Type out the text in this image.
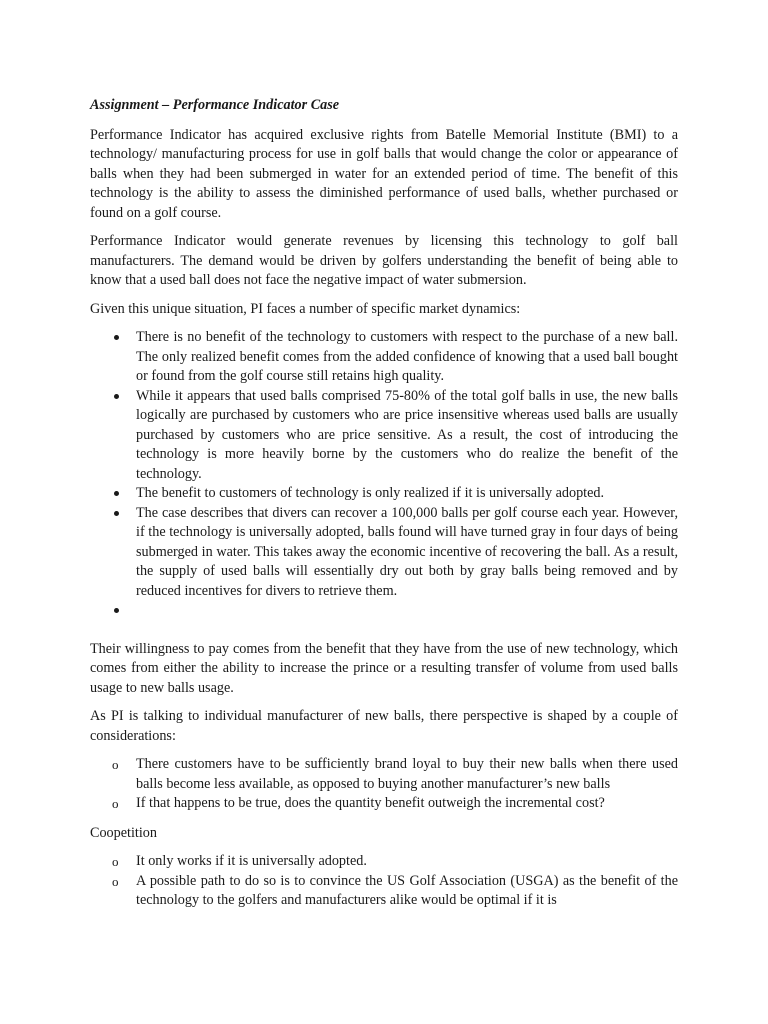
Assignment – Performance Indicator Case

Performance Indicator has acquired exclusive rights from Batelle Memorial Institute (BMI) to a technology/ manufacturing process for use in golf balls that would change the color or appearance of balls when they had been submerged in water for an extended period of time. The benefit of this technology is the ability to assess the diminished performance of used balls, whether purchased or found on a golf course.

Performance Indicator would generate revenues by licensing this technology to golf ball manufacturers. The demand would be driven by golfers understanding the benefit of being able to know that a used ball does not face the negative impact of water submersion.

Given this unique situation, PI faces a number of specific market dynamics:

There is no benefit of the technology to customers with respect to the purchase of a new ball. The only realized benefit comes from the added confidence of knowing that a used ball bought or found from the golf course still retains high quality.
While it appears that used balls comprised 75-80% of the total golf balls in use, the new balls logically are purchased by customers who are price insensitive whereas used balls are usually purchased by customers who are price sensitive. As a result, the cost of introducing the technology is more heavily borne by the customers who do realize the benefit of the technology.
The benefit to customers of technology is only realized if it is universally adopted.
The case describes that divers can recover a 100,000 balls per golf course each year. However, if the technology is universally adopted, balls found will have turned gray in four days of being submerged in water. This takes away the economic incentive of recovering the ball. As a result, the supply of used balls will essentially dry out both by gray balls being removed and by reduced incentives for divers to retrieve them.

Their willingness to pay comes from the benefit that they have from the use of new technology, which comes from either the ability to increase the prince or a resulting transfer of volume from used balls usage to new balls usage.

As PI is talking to individual manufacturer of new balls, there perspective is shaped by a couple of considerations:

o	There customers have to be sufficiently brand loyal to buy their new balls when there used balls become less available, as opposed to buying another manufacturer’s new balls
o	If that happens to be true, does the quantity benefit outweigh the incremental cost?

Coopetition

o	It only works if it is universally adopted.
o	A possible path to do so is to convince the US Golf Association (USGA) as the benefit of the technology to the golfers and manufacturers alike would be optimal if it is
